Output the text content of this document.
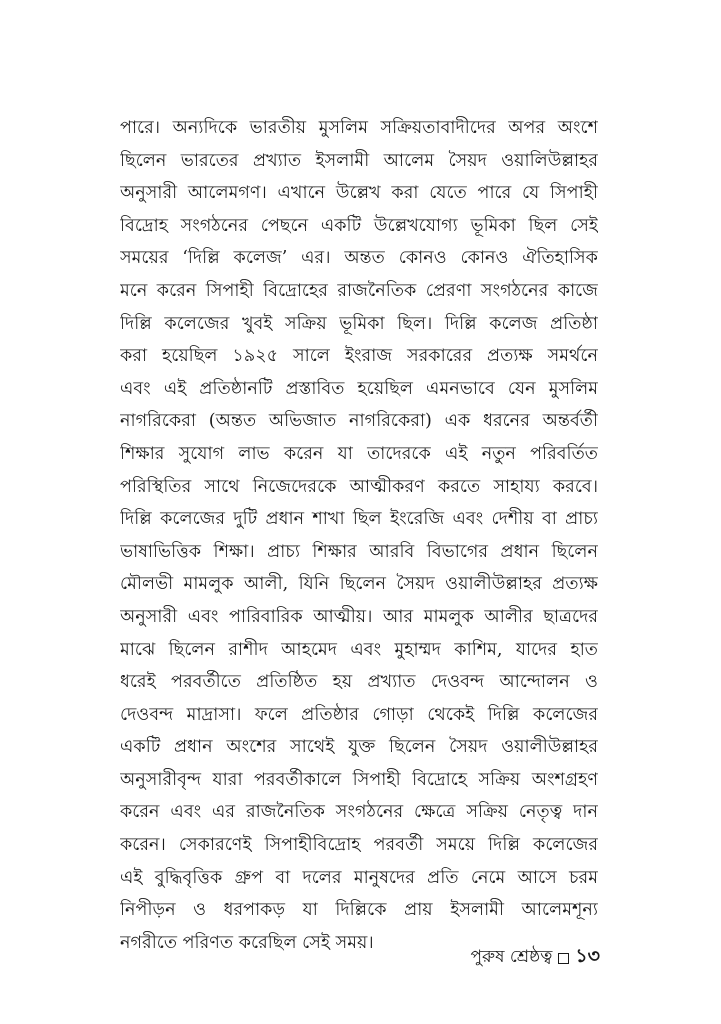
পারে। অন্যদিকে ভারতীয় মুসলিম সক্রিয়তাবাদীদের অপর অংশে
ছিলেন ভারতের প্রখ্যাত ইসলামী আলেম সৈয়দ ওয়ালিউল্লাহর
অনুসারী আলেমগণ। এখানে উল্লেখ করা যেতে পারে যে সিপাহী
বিদ্রোহ সংগঠনের পেছনে একটি উল্লেখযোগ্য ভূমিকা ছিল সেই
সময়ের ‘দিল্লি কলেজ’ এর। অন্তত কোনও কোনও ঐতিহাসিক
মনে করেন সিপাহী বিদ্রোহের রাজনৈতিক প্রেরণা সংগঠনের কাজে
দিল্লি কলেজের খুবই সক্রিয় ভূমিকা ছিল। দিল্লি কলেজ প্রতিষ্ঠা
করা হয়েছিল ১৯২৫ সালে ইংরাজ সরকারের প্রত্যক্ষ সমর্থনে
এবং এই প্রতিষ্ঠানটি প্রস্তাবিত হয়েছিল এমনভাবে যেন মুসলিম
নাগরিকেরা (অন্তত অভিজাত নাগরিকেরা) এক ধরনের অন্তর্বর্তী
শিক্ষার সুযোগ লাভ করেন যা তাদেরকে এই নতুন পরিবর্তিত
পরিস্থিতির সাথে নিজেদেরকে আত্মীকরণ করতে সাহায্য করবে।
দিল্লি কলেজের দুটি প্রধান শাখা ছিল ইংরেজি এবং দেশীয় বা প্রাচ্য
ভাষাভিত্তিক শিক্ষা। প্রাচ্য শিক্ষার আরবি বিভাগের প্রধান ছিলেন
মৌলভী মামলুক আলী, যিনি ছিলেন সৈয়দ ওয়ালীউল্লাহর প্রত্যক্ষ
অনুসারী এবং পারিবারিক আত্মীয়। আর মামলুক আলীর ছাত্রদের
মাঝে ছিলেন রাশীদ আহমেদ এবং মুহাম্মদ কাশিম, যাদের হাত
ধরেই পরবর্তীতে প্রতিষ্ঠিত হয় প্রখ্যাত দেওবন্দ আন্দোলন ও
দেওবন্দ মাদ্রাসা। ফলে প্রতিষ্ঠার গোড়া থেকেই দিল্লি কলেজের
একটি প্রধান অংশের সাথেই যুক্ত ছিলেন সৈয়দ ওয়ালীউল্লাহর
অনুসারীবৃন্দ যারা পরবর্তীকালে সিপাহী বিদ্রোহে সক্রিয় অংশগ্রহণ
করেন এবং এর রাজনৈতিক সংগঠনের ক্ষেত্রে সক্রিয় নেতৃত্ব দান
করেন। সেকারণেই সিপাহীবিদ্রোহ পরবর্তী সময়ে দিল্লি কলেজের
এই বুদ্ধিবৃত্তিক গ্রুপ বা দলের মানুষদের প্রতি নেমে আসে চরম
নিপীড়ন ও ধরপাকড় যা দিল্লিকে প্রায় ইসলামী আলেমশূন্য
নগরীতে পরিণত করেছিল সেই সময়।
পুরুষ শ্রেষ্ঠত্ব ১৩
